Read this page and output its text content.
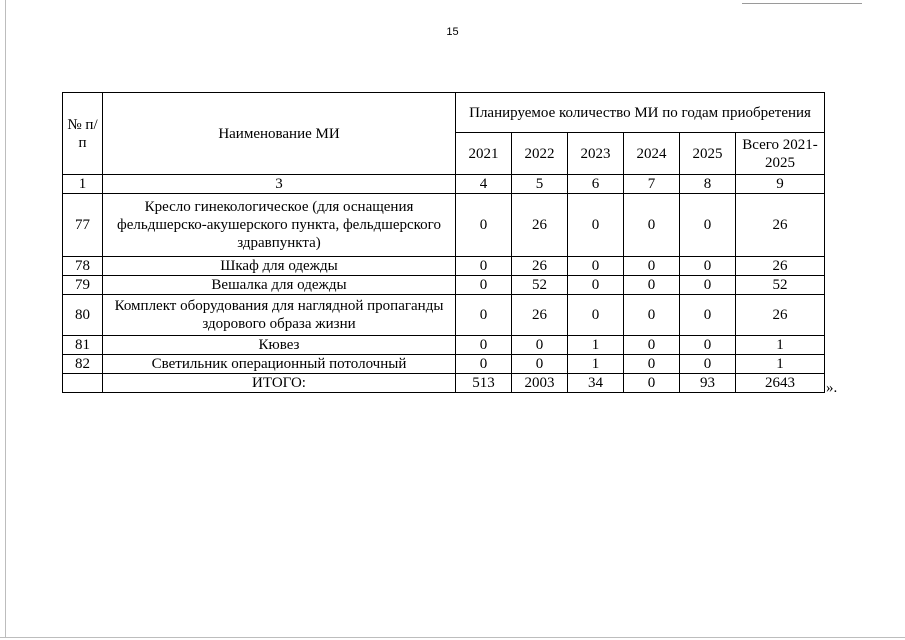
15
№ п/п	Наименование МИ	Планируемое количество МИ по годам приобретения					
		2021	2022	2023	2024	2025	Всего 2021-2025
1	3	4	5	6	7	8	9
77	Кресло гинекологическое (для оснащения фельдшерско-акушерского пункта, фельдшерского здравпункта)	0	26	0	0	0	26
78	Шкаф для одежды	0	26	0	0	0	26
79	Вешалка для одежды	0	52	0	0	0	52
80	Комплект оборудования для наглядной пропаганды здорового образа жизни	0	26	0	0	0	26
81	Кювез	0	0	1	0	0	1
82	Светильник операционный потолочный	0	0	1	0	0	1
	ИТОГО:	513	2003	34	0	93	2643 ».
